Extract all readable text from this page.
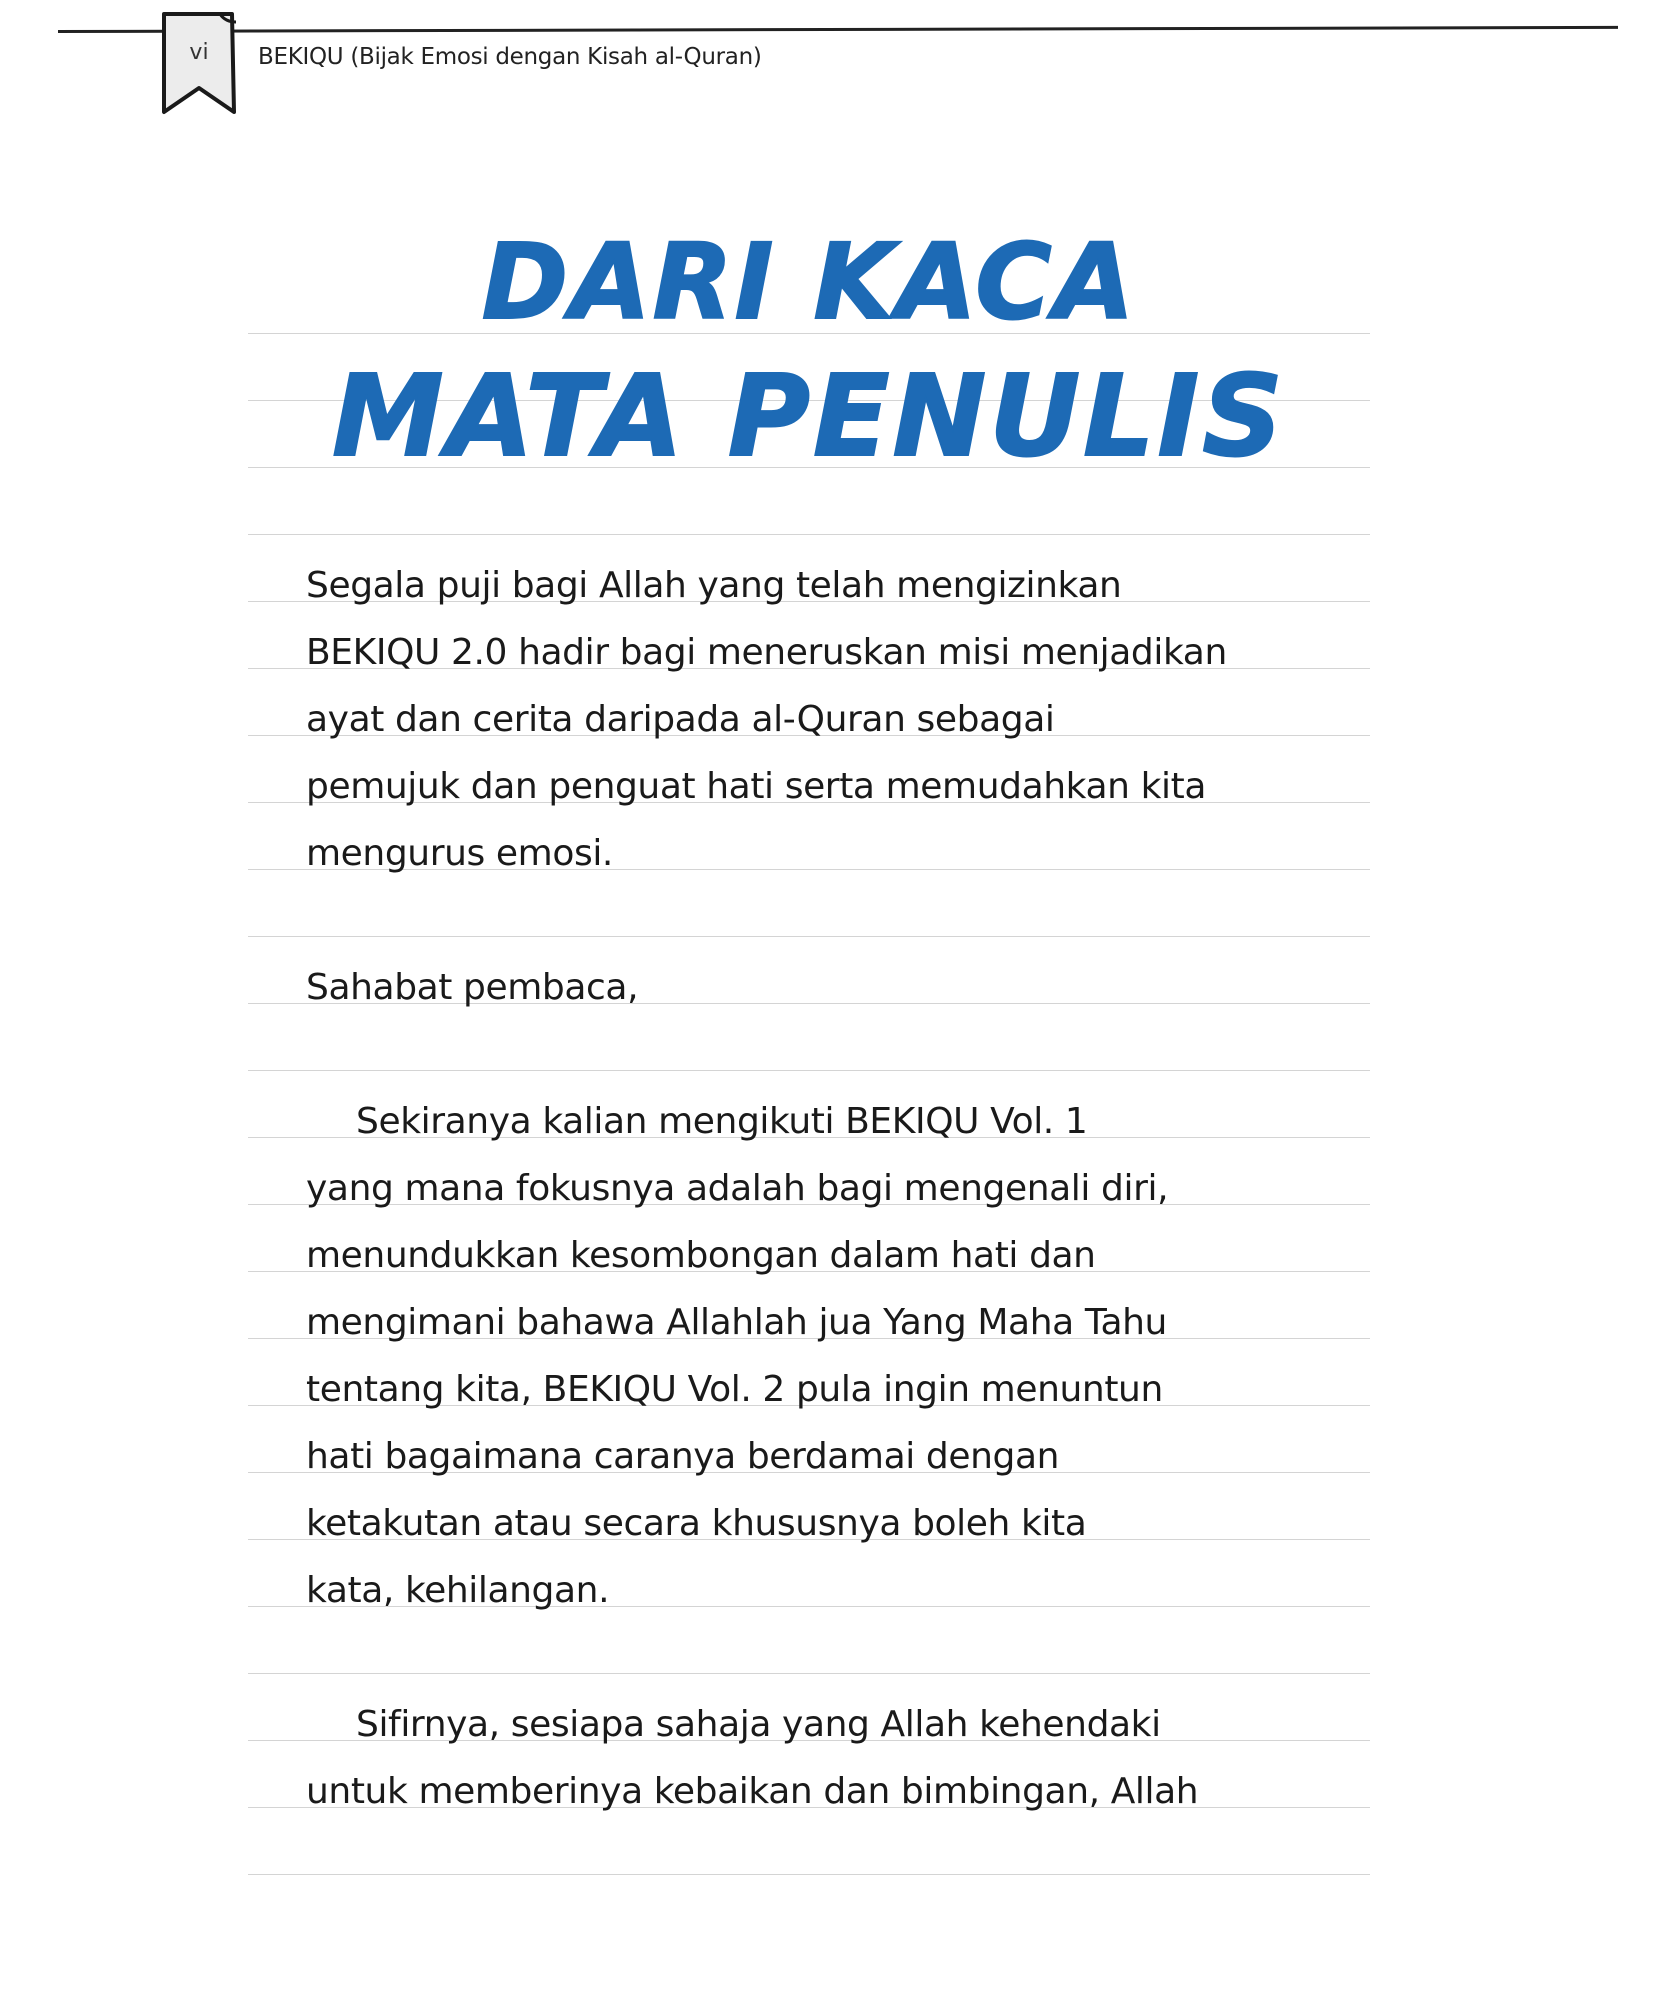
vi	BEKIQU (Bijak Emosi dengan Kisah al-Quran)
DARI KACA
MATA PENULIS
Segala puji bagi Allah yang telah mengizinkan
BEKIQU 2.0 hadir bagi meneruskan misi menjadikan
ayat dan cerita daripada al-Quran sebagai
pemujuk dan penguat hati serta memudahkan kita
mengurus emosi.
Sahabat pembaca,
Sekiranya kalian mengikuti BEKIQU Vol. 1
yang mana fokusnya adalah bagi mengenali diri,
menundukkan kesombongan dalam hati dan
mengimani bahawa Allahlah jua Yang Maha Tahu
tentang kita, BEKIQU Vol. 2 pula ingin menuntun
hati bagaimana caranya berdamai dengan
ketakutan atau secara khususnya boleh kita
kata, kehilangan.
Sifirnya, sesiapa sahaja yang Allah kehendaki
untuk memberinya kebaikan dan bimbingan, Allah
